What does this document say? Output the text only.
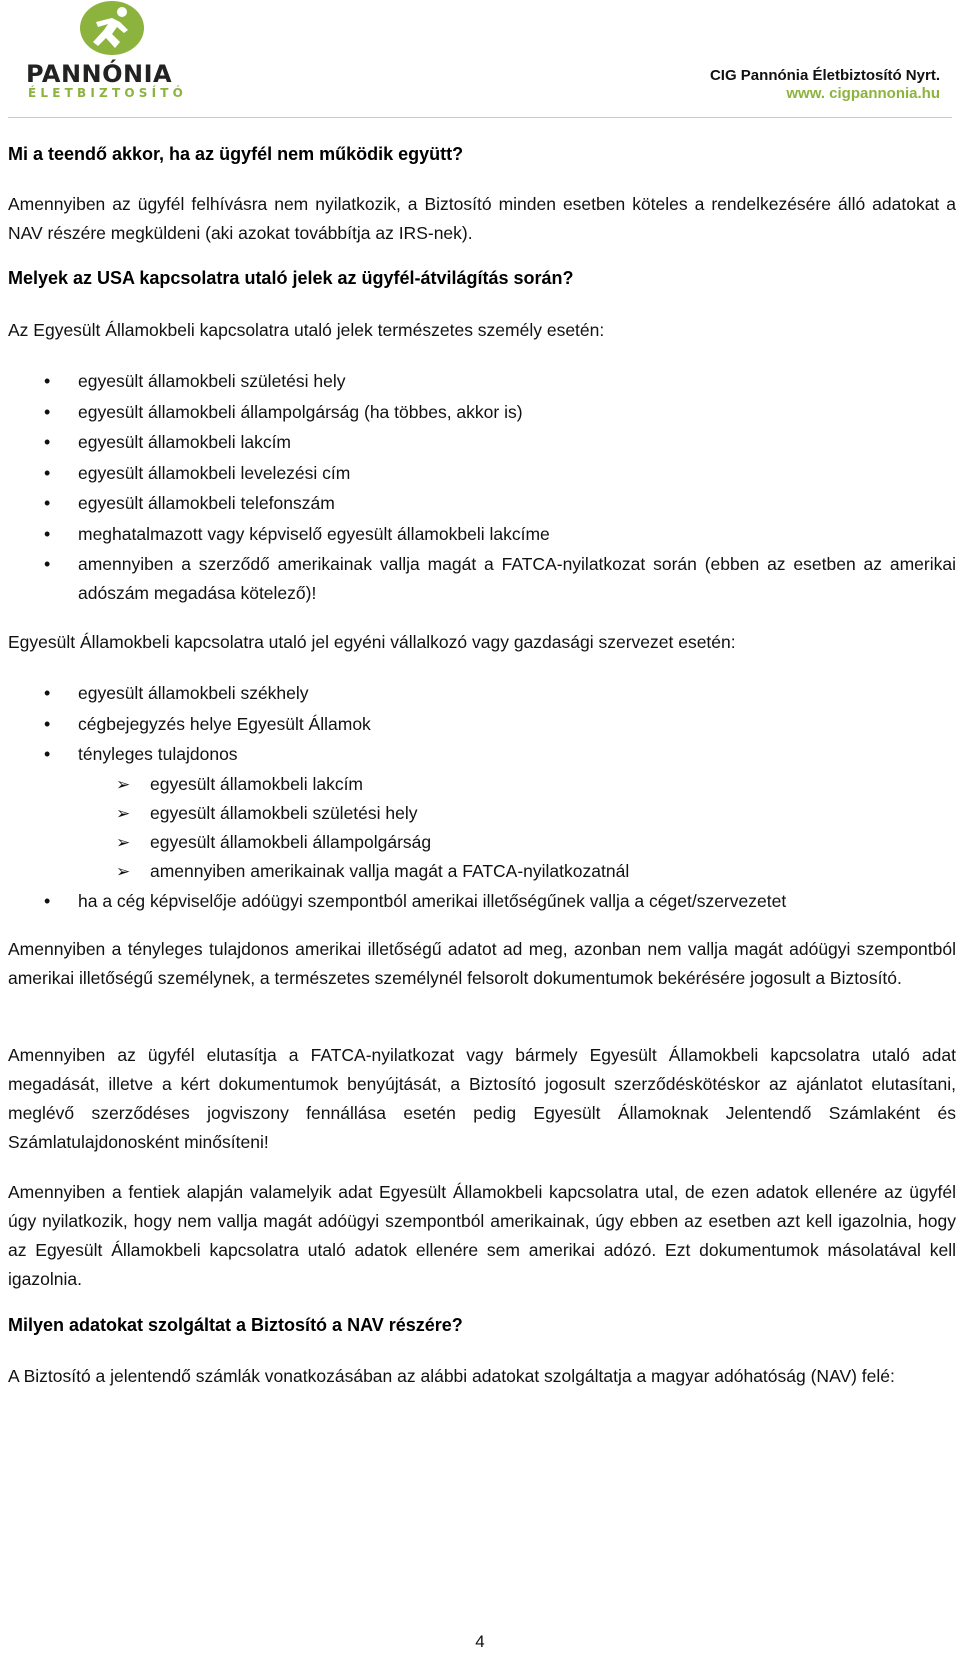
PANNÓNIA
ÉLETBIZTOSÍTÓ
CIG Pannónia Életbiztosító Nyrt.
www. cigpannonia.hu
Mi a teendő akkor, ha az ügyfél nem működik együtt?
Amennyiben az ügyfél felhívásra nem nyilatkozik, a Biztosító minden esetben köteles a rendelkezésére álló adatokat a NAV részére megküldeni (aki azokat továbbítja az IRS-nek).
Melyek az USA kapcsolatra utaló jelek az ügyfél-átvilágítás során?
Az Egyesült Államokbeli kapcsolatra utaló jelek természetes személy esetén:
• egyesült államokbeli születési hely
• egyesült államokbeli állampolgárság (ha többes, akkor is)
• egyesült államokbeli lakcím
• egyesült államokbeli levelezési cím
• egyesült államokbeli telefonszám
• meghatalmazott vagy képviselő egyesült államokbeli lakcíme
• amennyiben a szerződő amerikainak vallja magát a FATCA-nyilatkozat során (ebben az esetben az amerikai adószám megadása kötelező)!
Egyesült Államokbeli kapcsolatra utaló jel egyéni vállalkozó vagy gazdasági szervezet esetén:
• egyesült államokbeli székhely
• cégbejegyzés helye Egyesült Államok
• tényleges tulajdonos
➢ egyesült államokbeli lakcím
➢ egyesült államokbeli születési hely
➢ egyesült államokbeli állampolgárság
➢ amennyiben amerikainak vallja magát a FATCA-nyilatkozatnál
• ha a cég képviselője adóügyi szempontból amerikai illetőségűnek vallja a céget/szervezetet
Amennyiben a tényleges tulajdonos amerikai illetőségű adatot ad meg, azonban nem vallja magát adóügyi szempontból amerikai illetőségű személynek, a természetes személynél felsorolt dokumentumok bekérésére jogosult a Biztosító.
Amennyiben az ügyfél elutasítja a FATCA-nyilatkozat vagy bármely Egyesült Államokbeli kapcsolatra utaló adat megadását, illetve a kért dokumentumok benyújtását, a Biztosító jogosult szerződéskötéskor az ajánlatot elutasítani, meglévő szerződéses jogviszony fennállása esetén pedig Egyesült Államoknak Jelentendő Számlaként és Számlatulajdonosként minősíteni!
Amennyiben a fentiek alapján valamelyik adat Egyesült Államokbeli kapcsolatra utal, de ezen adatok ellenére az ügyfél úgy nyilatkozik, hogy nem vallja magát adóügyi szempontból amerikainak, úgy ebben az esetben azt kell igazolnia, hogy az Egyesült Államokbeli kapcsolatra utaló adatok ellenére sem amerikai adózó. Ezt dokumentumok másolatával kell igazolnia.
Milyen adatokat szolgáltat a Biztosító a NAV részére?
A Biztosító a jelentendő számlák vonatkozásában az alábbi adatokat szolgáltatja a magyar adóhatóság (NAV) felé:
4
